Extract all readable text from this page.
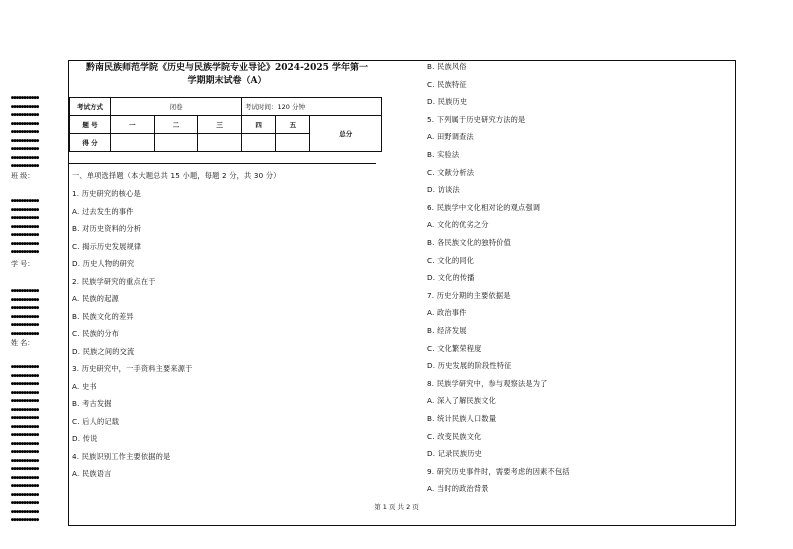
●●●●●●●●●●●
●●●●●●●●●●●
●●●●●●●●●●●
●●●●●●●●●●●
●●●●●●●●●●●
●●●●●●●●●●●
●●●●●●●●●●●
●●●●●●●●●●●
●●●●●●●●●●●
班 级：
●●●●●●●●●●●
●●●●●●●●●●●
●●●●●●●●●●●
●●●●●●●●●●●
●●●●●●●●●●●
●●●●●●●●●●●
●●●●●●●●●●●
学 号：
●●●●●●●●●●●
●●●●●●●●●●●
●●●●●●●●●●●
●●●●●●●●●●●
●●●●●●●●●●●
●●●●●●●●●●●
姓 名：
●●●●●●●●●●●
●●●●●●●●●●●
●●●●●●●●●●●
●●●●●●●●●●●
●●●●●●●●●●●
●●●●●●●●●●●
●●●●●●●●●●●
●●●●●●●●●●●
●●●●●●●●●●●
●●●●●●●●●●●
●●●●●●●●●●●
●●●●●●●●●●●
●●●●●●●●●●●
●●●●●●●●●●●
●●●●●●●●●●●
●●●●●●●●●●●
●●●●●●●●●●●
●●●●●●●●●●●
●●●●●●●●●●●
黔南民族师范学院《历史与民族学院专业导论》2024-2025 学年第一
学期期末试卷（A）
考试方式	闭卷			考试时间：120 分钟		
题 号	一	二	三	四	五	总分
得 分						
一、单项选择题（本大题总共 15 小题，每题 2 分，共 30 分）
1. 历史研究的核心是
A. 过去发生的事件
B. 对历史资料的分析
C. 揭示历史发展规律
D. 历史人物的研究
2. 民族学研究的重点在于
A. 民族的起源
B. 民族文化的差异
C. 民族的分布
D. 民族之间的交流
3. 历史研究中，一手资料主要来源于
A. 史书
B. 考古发掘
C. 后人的记载
D. 传说
4. 民族识别工作主要依据的是
A. 民族语言
B. 民族风俗
C. 民族特征
D. 民族历史
5. 下列属于历史研究方法的是
A. 田野调查法
B. 实验法
C. 文献分析法
D. 访谈法
6. 民族学中文化相对论的观点强调
A. 文化的优劣之分
B. 各民族文化的独特价值
C. 文化的同化
D. 文化的传播
7. 历史分期的主要依据是
A. 政治事件
B. 经济发展
C. 文化繁荣程度
D. 历史发展的阶段性特征
8. 民族学研究中，参与观察法是为了
A. 深入了解民族文化
B. 统计民族人口数量
C. 改变民族文化
D. 记录民族历史
9. 研究历史事件时，需要考虑的因素不包括
A. 当时的政治背景
第 1 页 共 2 页
